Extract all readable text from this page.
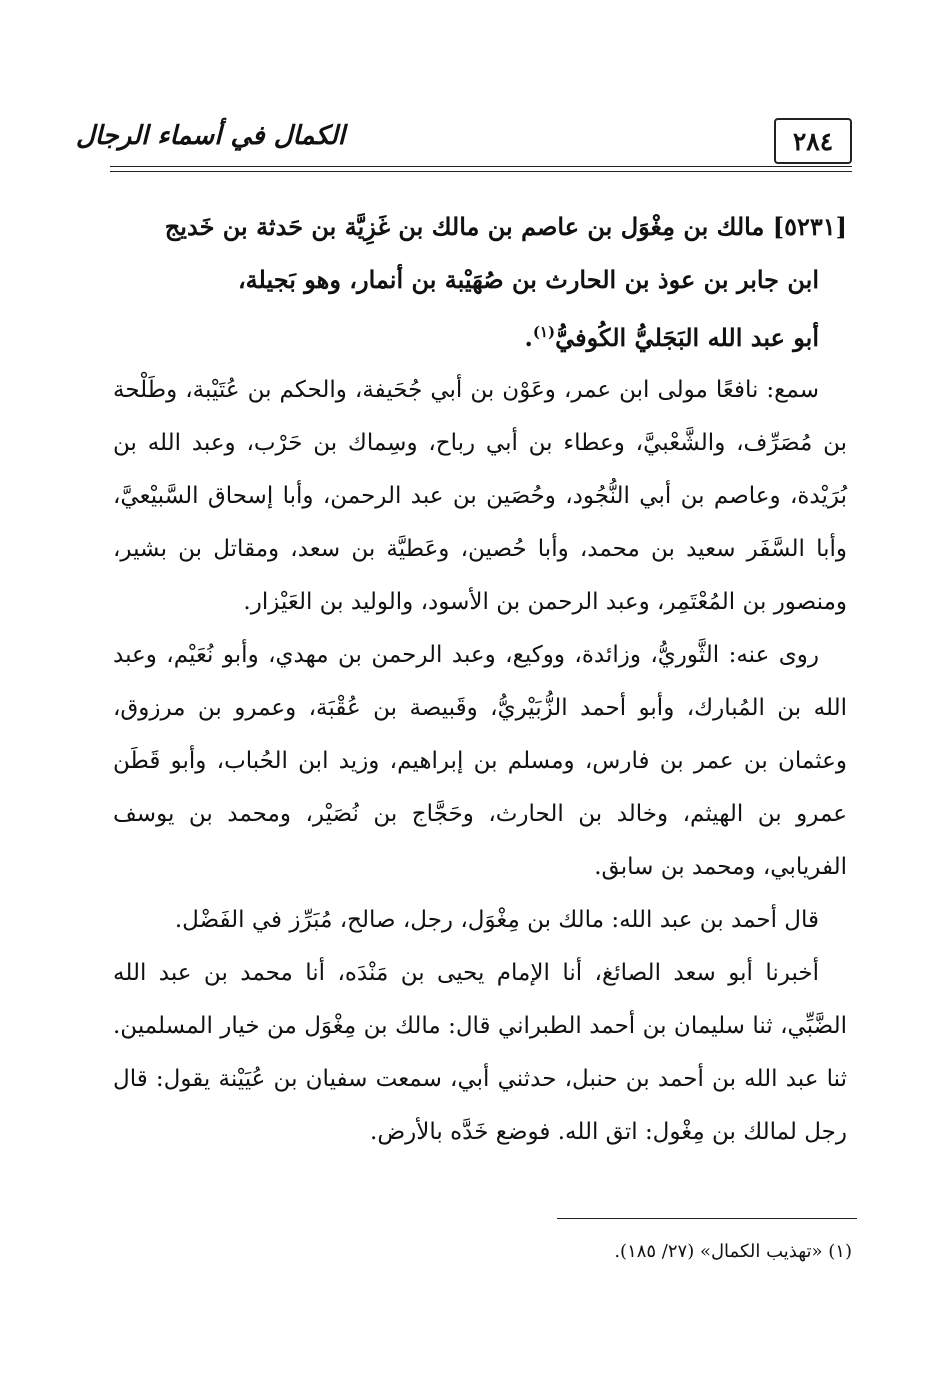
٢٨٤
الكمال في أسماء الرجال

[٥٢٣١] مالك بن مِغْوَل بن عاصم بن مالك بن غَزِيَّة بن حَدثة بن خَديج
ابن جابر بن عوذ بن الحارث بن صُهَيْبة بن أنمار، وهو بَجيلة،
أبو عبد الله البَجَليُّ الكُوفيُّ$^{(١)}$.

سمع: نافعًا مولى ابن عمر، وعَوْن بن أبي جُحَيفة، والحكم بن عُتَيْبة، وطَلْحة بن مُصَرِّف، والشَّعْبيَّ، وعطاء بن أبي رباح، وسِماك بن حَرْب، وعبد الله بن بُرَيْدة، وعاصم بن أبي النُّجُود، وحُصَين بن عبد الرحمن، وأبا إسحاق السَّبيْعيَّ، وأبا السَّفَر سعيد بن محمد، وأبا حُصين، وعَطيَّة بن سعد، ومقاتل بن بشير، ومنصور بن المُعْتَمِر، وعبد الرحمن بن الأسود، والوليد بن العَيْزار.

روى عنه: الثَّوريُّ، وزائدة، ووكيع، وعبد الرحمن بن مهدي، وأبو نُعَيْم، وعبد الله بن المُبارك، وأبو أحمد الزُّبَيْريُّ، وقَبيصة بن عُقْبَة، وعمرو بن مرزوق، وعثمان بن عمر بن فارس، ومسلم بن إبراهيم، وزيد ابن الحُباب، وأبو قَطَن عمرو بن الهيثم، وخالد بن الحارث، وحَجَّاج بن نُصَيْر، ومحمد بن يوسف الفريابي، ومحمد بن سابق.

قال أحمد بن عبد الله: مالك بن مِغْوَل، رجل، صالح، مُبَرِّز في الفَضْل.

أخبرنا أبو سعد الصائغ، أنا الإمام يحيى بن مَنْدَه، أنا محمد بن عبد الله الضَّبِّي، ثنا سليمان بن أحمد الطبراني قال: مالك بن مِغْوَل من خيار المسلمين. ثنا عبد الله بن أحمد بن حنبل، حدثني أبي، سمعت سفيان بن عُيَيْنة يقول: قال رجل لمالك بن مِغْول: اتق الله. فوضع خَدَّه بالأرض.

(١) «تهذيب الكمال» (٢٧/ ١٨٥).
